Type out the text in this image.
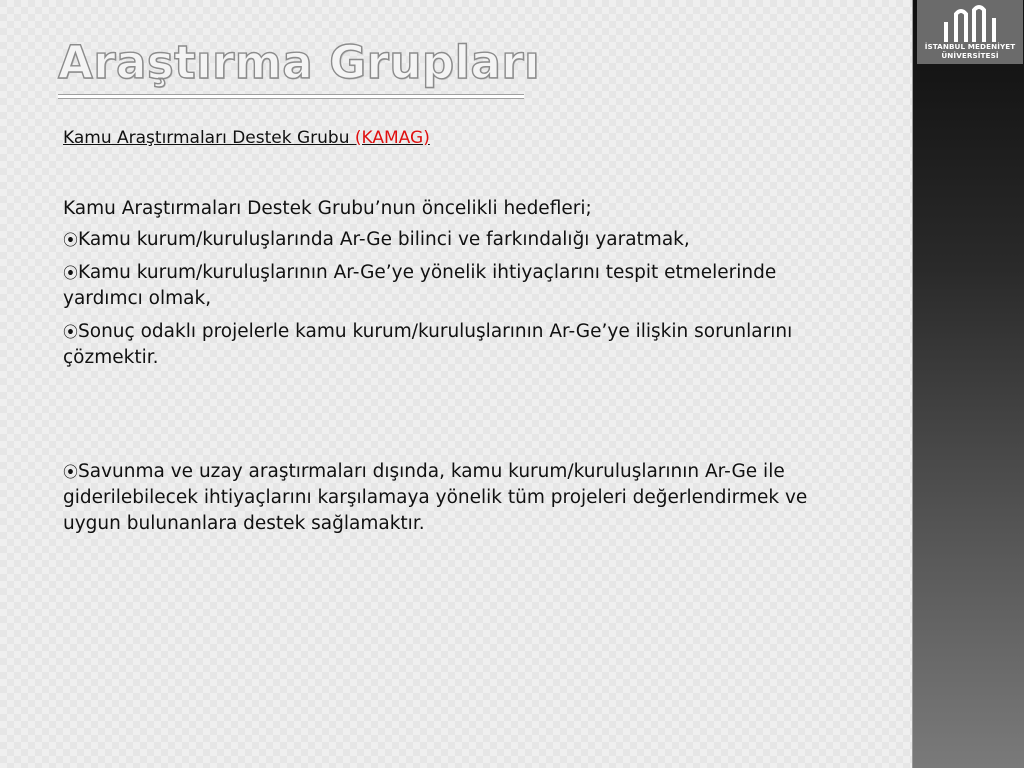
Araştırma Grupları

Kamu Araştırmaları Destek Grubu (KAMAG)

Kamu Araştırmaları Destek Grubu’nun öncelikli hedefleri;

⦿Kamu kurum/kuruluşlarında Ar-Ge bilinci ve farkındalığı yaratmak,
⦿Kamu kurum/kuruluşlarının Ar-Ge’ye yönelik ihtiyaçlarını tespit etmelerinde yardımcı olmak,
⦿Sonuç odaklı projelerle kamu kurum/kuruluşlarının Ar-Ge’ye ilişkin sorunlarını çözmektir.
⦿Savunma ve uzay araştırmaları dışında, kamu kurum/kuruluşlarının Ar-Ge ile giderilebilecek ihtiyaçlarını karşılamaya yönelik tüm projeleri değerlendirmek ve uygun bulunanlara destek sağlamaktır.
İSTANBUL MEDENİYET
ÜNİVERSİTESİ
